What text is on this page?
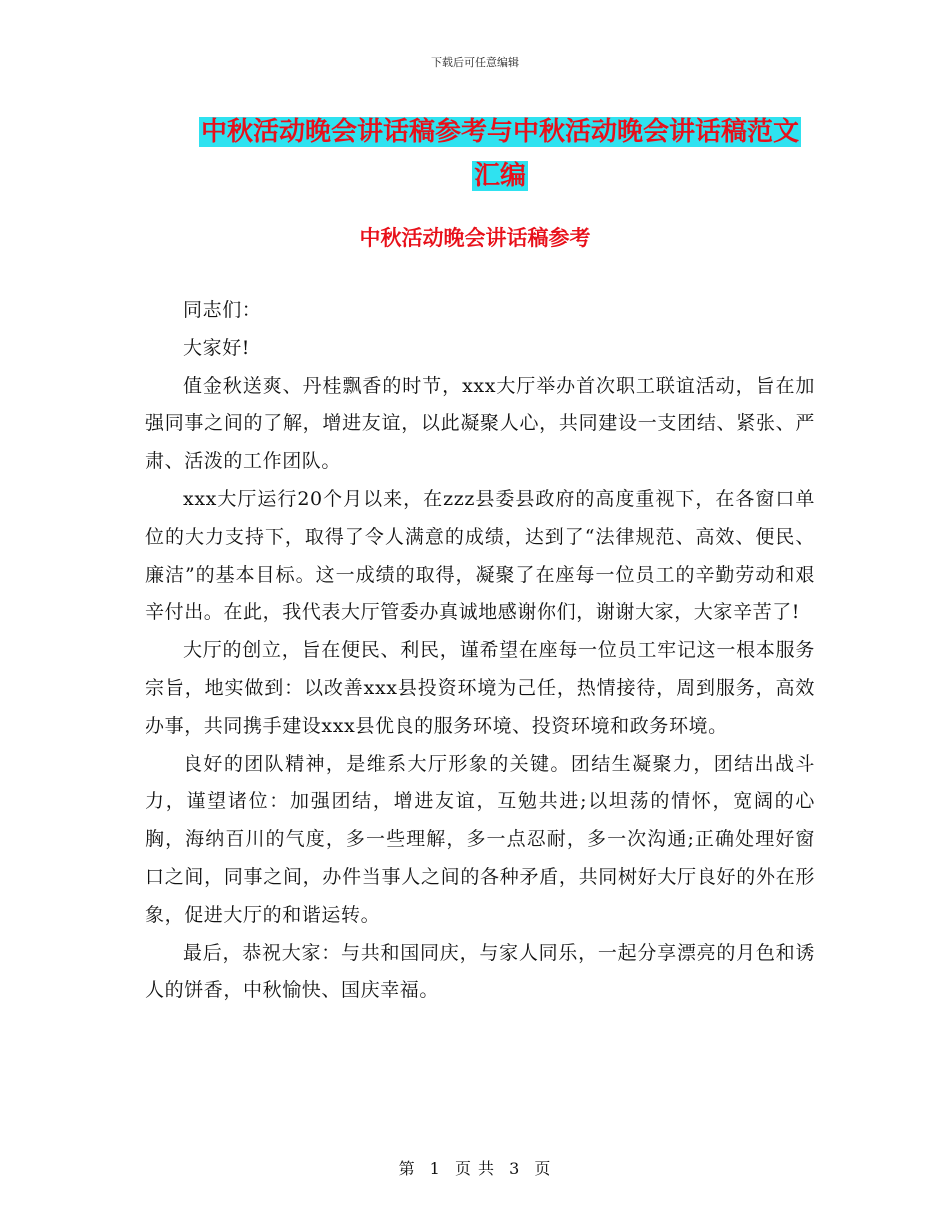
下载后可任意编辑
中秋活动晚会讲话稿参考与中秋活动晚会讲话稿范文
汇编
中秋活动晚会讲话稿参考

同志们：

大家好!

值金秋送爽、丹桂飘香的时节，xxx大厅举办首次职工联谊活动，旨在加强同事之间的了解，增进友谊，以此凝聚人心，共同建设一支团结、紧张、严肃、活泼的工作团队。

xxx大厅运行20个月以来，在zzz县委县政府的高度重视下，在各窗口单位的大力支持下，取得了令人满意的成绩，达到了“法律规范、高效、便民、廉洁”的基本目标。这一成绩的取得，凝聚了在座每一位员工的辛勤劳动和艰辛付出。在此，我代表大厅管委办真诚地感谢你们，谢谢大家，大家辛苦了!

大厅的创立，旨在便民、利民，谨希望在座每一位员工牢记这一根本服务宗旨，地实做到：以改善xxx县投资环境为己任，热情接待，周到服务，高效办事，共同携手建设xxx县优良的服务环境、投资环境和政务环境。

良好的团队精神，是维系大厅形象的关键。团结生凝聚力，团结出战斗力，谨望诸位：加强团结，增进友谊，互勉共进;以坦荡的情怀，宽阔的心胸，海纳百川的气度，多一些理解，多一点忍耐，多一次沟通;正确处理好窗口之间，同事之间，办件当事人之间的各种矛盾，共同树好大厅良好的外在形象，促进大厅的和谐运转。

最后，恭祝大家：与共和国同庆，与家人同乐，一起分享漂亮的月色和诱人的饼香，中秋愉快、国庆幸福。

第 1 页 共 3 页
